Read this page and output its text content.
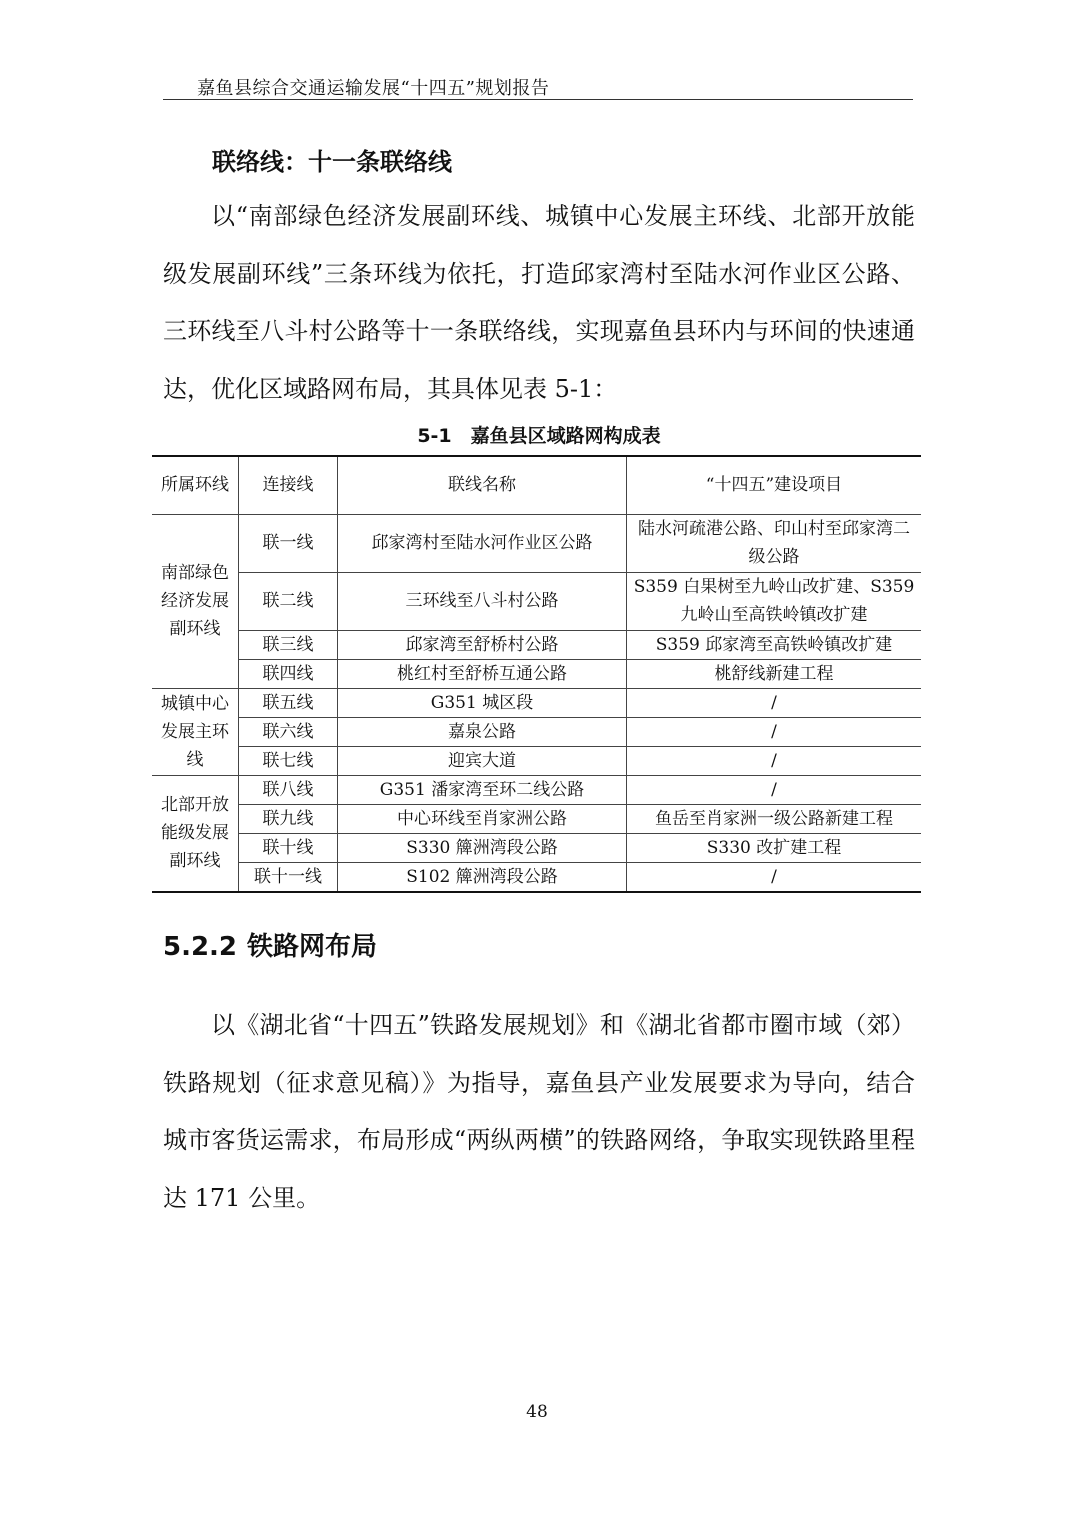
嘉鱼县综合交通运输发展“十四五”规划报告
联络线：十一条联络线

以“南部绿色经济发展副环线、城镇中心发展主环线、北部开放能级发展副环线”三条环线为依托，打造邱家湾村至陆水河作业区公路、三环线至八斗村公路等十一条联络线，实现嘉鱼县环内与环间的快速通达，优化区域路网布局，其具体见表 5-1：

5-1　嘉鱼县区域路网构成表
所属环线	连接线	联线名称	“十四五”建设项目
南部绿色经济发展副环线	联一线	邱家湾村至陆水河作业区公路	陆水河疏港公路、印山村至邱家湾二级公路
	联二线	三环线至八斗村公路	S359 白果树至九岭山改扩建、S359 九岭山至高铁岭镇改扩建
	联三线	邱家湾至舒桥村公路	S359 邱家湾至高铁岭镇改扩建
	联四线	桃红村至舒桥互通公路	桃舒线新建工程
城镇中心发展主环线	联五线	G351 城区段	/
	联六线	嘉泉公路	/
	联七线	迎宾大道	/
北部开放能级发展副环线	联八线	G351 潘家湾至环二线公路	/
	联九线	中心环线至肖家洲公路	鱼岳至肖家洲一级公路新建工程
	联十线	S330 簰洲湾段公路	S330 改扩建工程
	联十一线	S102 簰洲湾段公路	/
5.2.2 铁路网布局

以《湖北省“十四五”铁路发展规划》和《湖北省都市圈市域（郊）铁路规划（征求意见稿）》为指导，嘉鱼县产业发展要求为导向，结合城市客货运需求，布局形成“两纵两横”的铁路网络，争取实现铁路里程达 171 公里。

48
